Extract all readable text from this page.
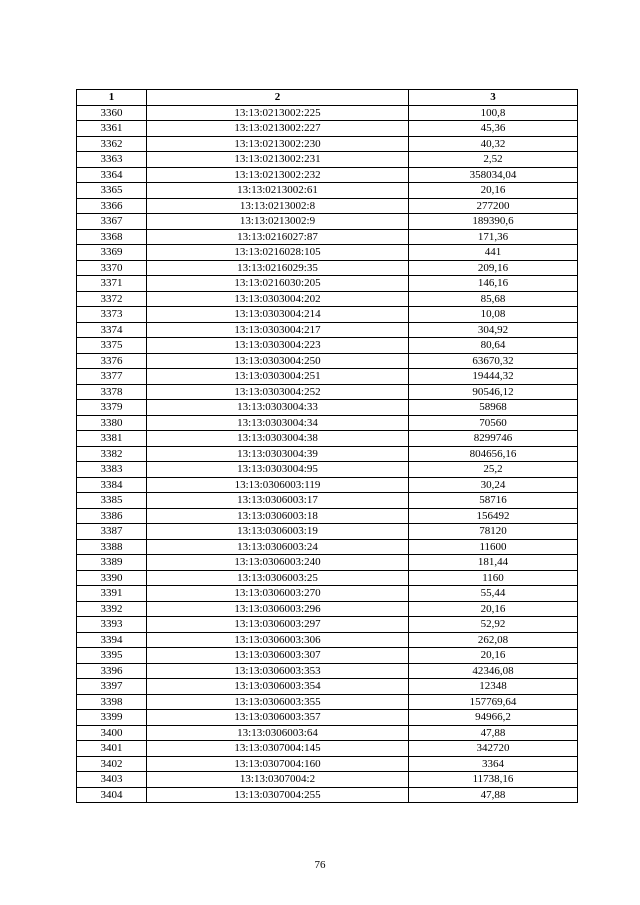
1	2	3
3360	13:13:0213002:225	100,8
3361	13:13:0213002:227	45,36
3362	13:13:0213002:230	40,32
3363	13:13:0213002:231	2,52
3364	13:13:0213002:232	358034,04
3365	13:13:0213002:61	20,16
3366	13:13:0213002:8	277200
3367	13:13:0213002:9	189390,6
3368	13:13:0216027:87	171,36
3369	13:13:0216028:105	441
3370	13:13:0216029:35	209,16
3371	13:13:0216030:205	146,16
3372	13:13:0303004:202	85,68
3373	13:13:0303004:214	10,08
3374	13:13:0303004:217	304,92
3375	13:13:0303004:223	80,64
3376	13:13:0303004:250	63670,32
3377	13:13:0303004:251	19444,32
3378	13:13:0303004:252	90546,12
3379	13:13:0303004:33	58968
3380	13:13:0303004:34	70560
3381	13:13:0303004:38	8299746
3382	13:13:0303004:39	804656,16
3383	13:13:0303004:95	25,2
3384	13:13:0306003:119	30,24
3385	13:13:0306003:17	58716
3386	13:13:0306003:18	156492
3387	13:13:0306003:19	78120
3388	13:13:0306003:24	11600
3389	13:13:0306003:240	181,44
3390	13:13:0306003:25	1160
3391	13:13:0306003:270	55,44
3392	13:13:0306003:296	20,16
3393	13:13:0306003:297	52,92
3394	13:13:0306003:306	262,08
3395	13:13:0306003:307	20,16
3396	13:13:0306003:353	42346,08
3397	13:13:0306003:354	12348
3398	13:13:0306003:355	157769,64
3399	13:13:0306003:357	94966,2
3400	13:13:0306003:64	47,88
3401	13:13:0307004:145	342720
3402	13:13:0307004:160	3364
3403	13:13:0307004:2	11738,16
3404	13:13:0307004:255	47,88
76
